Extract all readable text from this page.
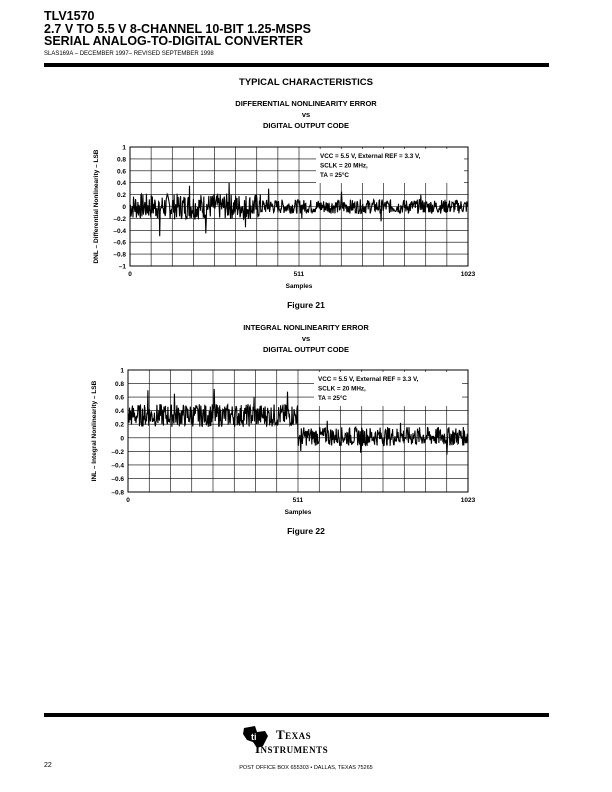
TLV1570
2.7 V TO 5.5 V 8-CHANNEL 10-BIT 1.25-MSPS
SERIAL ANALOG-TO-DIGITAL CONVERTER
SLAS169A – DECEMBER 1997– REVISED SEPTEMBER 1998
TYPICAL CHARACTERISTICS
DIFFERENTIAL NONLINEARITY ERROR
vs
DIGITAL OUTPUT CODE
1
0.8
0.6
0.4
0.2
0
–0.2
–0.4
–0.6
–0.8
–1
0	511	1023
Samples
DNL – Differential Nonlinearity – LSB	VCC = 5.5 V, External REF = 3.3 V,
SCLK = 20 MHz,
TA = 25°C
Figure 21
INTEGRAL NONLINEARITY ERROR
vs
DIGITAL OUTPUT CODE
1
0.8
0.6
0.4
0.2
0
–0.2
–0.4
–0.6
–0.8
0	511	1023
Samples
INL – Integral Nonlinearity – LSB
VCC = 5.5 V, External REF = 3.3 V,
SCLK = 20 MHz,
TA = 25°C
Figure 22
ti Texas
Instruments
22	POST OFFICE BOX 655303 • DALLAS, TEXAS 75265
